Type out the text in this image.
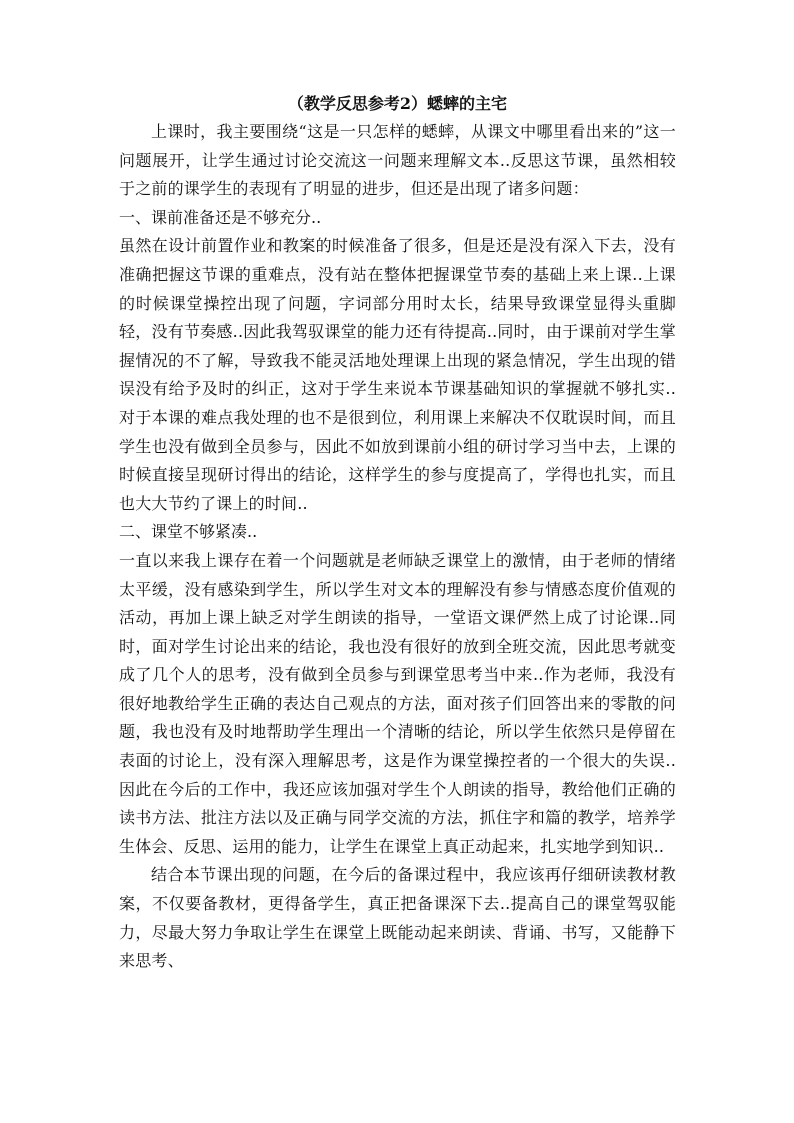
（教学反思参考2）蟋蟀的主宅

上课时，我主要围绕“这是一只怎样的蟋蟀，从课文中哪里看出来的”这一问题展开，让学生通过讨论交流这一问题来理解文本..反思这节课，虽然相较于之前的课学生的表现有了明显的进步，但还是出现了诸多问题：

一、课前准备还是不够充分..

虽然在设计前置作业和教案的时候准备了很多，但是还是没有深入下去，没有准确把握这节课的重难点，没有站在整体把握课堂节奏的基础上来上课..上课的时候课堂操控出现了问题，字词部分用时太长，结果导致课堂显得头重脚轻，没有节奏感..因此我驾驭课堂的能力还有待提高..同时，由于课前对学生掌握情况的不了解，导致我不能灵活地处理课上出现的紧急情况，学生出现的错误没有给予及时的纠正，这对于学生来说本节课基础知识的掌握就不够扎实..对于本课的难点我处理的也不是很到位，利用课上来解决不仅耽误时间，而且学生也没有做到全员参与，因此不如放到课前小组的研讨学习当中去，上课的时候直接呈现研讨得出的结论，这样学生的参与度提高了，学得也扎实，而且也大大节约了课上的时间..

二、课堂不够紧凑..

一直以来我上课存在着一个问题就是老师缺乏课堂上的激情，由于老师的情绪太平缓，没有感染到学生，所以学生对文本的理解没有参与情感态度价值观的活动，再加上课上缺乏对学生朗读的指导，一堂语文课俨然上成了讨论课..同时，面对学生讨论出来的结论，我也没有很好的放到全班交流，因此思考就变成了几个人的思考，没有做到全员参与到课堂思考当中来..作为老师，我没有很好地教给学生正确的表达自己观点的方法，面对孩子们回答出来的零散的问题，我也没有及时地帮助学生理出一个清晰的结论，所以学生依然只是停留在表面的讨论上，没有深入理解思考，这是作为课堂操控者的一个很大的失误..因此在今后的工作中，我还应该加强对学生个人朗读的指导，教给他们正确的读书方法、批注方法以及正确与同学交流的方法，抓住字和篇的教学，培养学生体会、反思、运用的能力，让学生在课堂上真正动起来，扎实地学到知识..

结合本节课出现的问题，在今后的备课过程中，我应该再仔细研读教材教案，不仅要备教材，更得备学生，真正把备课深下去..提高自己的课堂驾驭能力，尽最大努力争取让学生在课堂上既能动起来朗读、背诵、书写，又能静下来思考、
